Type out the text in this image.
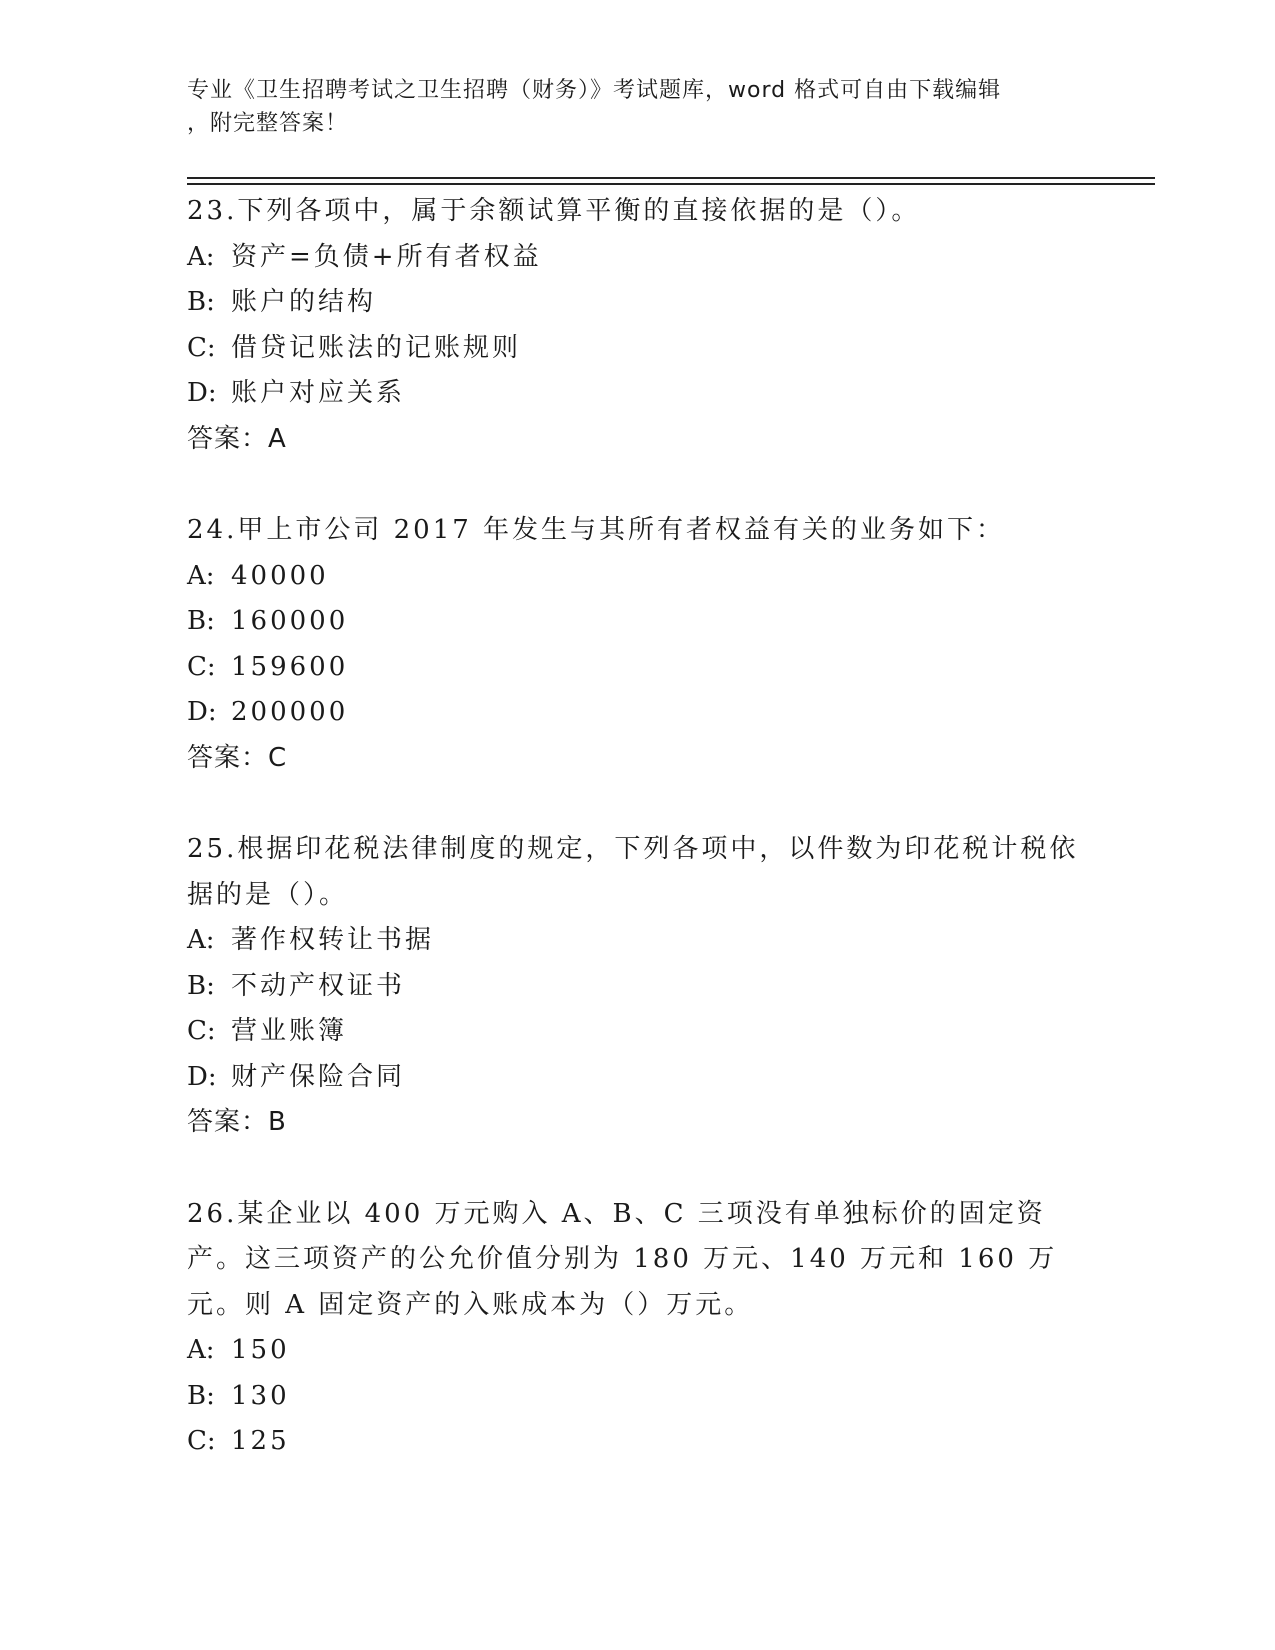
专业《卫生招聘考试之卫生招聘（财务）》考试题库，word 格式可自由下载编辑
，附完整答案！

23.下列各项中，属于余额试算平衡的直接依据的是（）。

A: 资产=负债+所有者权益

B: 账户的结构

C: 借贷记账法的记账规则

D: 账户对应关系

答案：A

24.甲上市公司 2017 年发生与其所有者权益有关的业务如下：

A: 40000

B: 160000

C: 159600

D: 200000

答案：C

25.根据印花税法律制度的规定，下列各项中，以件数为印花税计税依据的是（）。

A: 著作权转让书据

B: 不动产权证书

C: 营业账簿

D: 财产保险合同

答案：B

26.某企业以 400 万元购入 A、B、C 三项没有单独标价的固定资产。这三项资产的公允价值分别为 180 万元、140 万元和 160 万元。则 A 固定资产的入账成本为（）万元。

A: 150

B: 130

C: 125
